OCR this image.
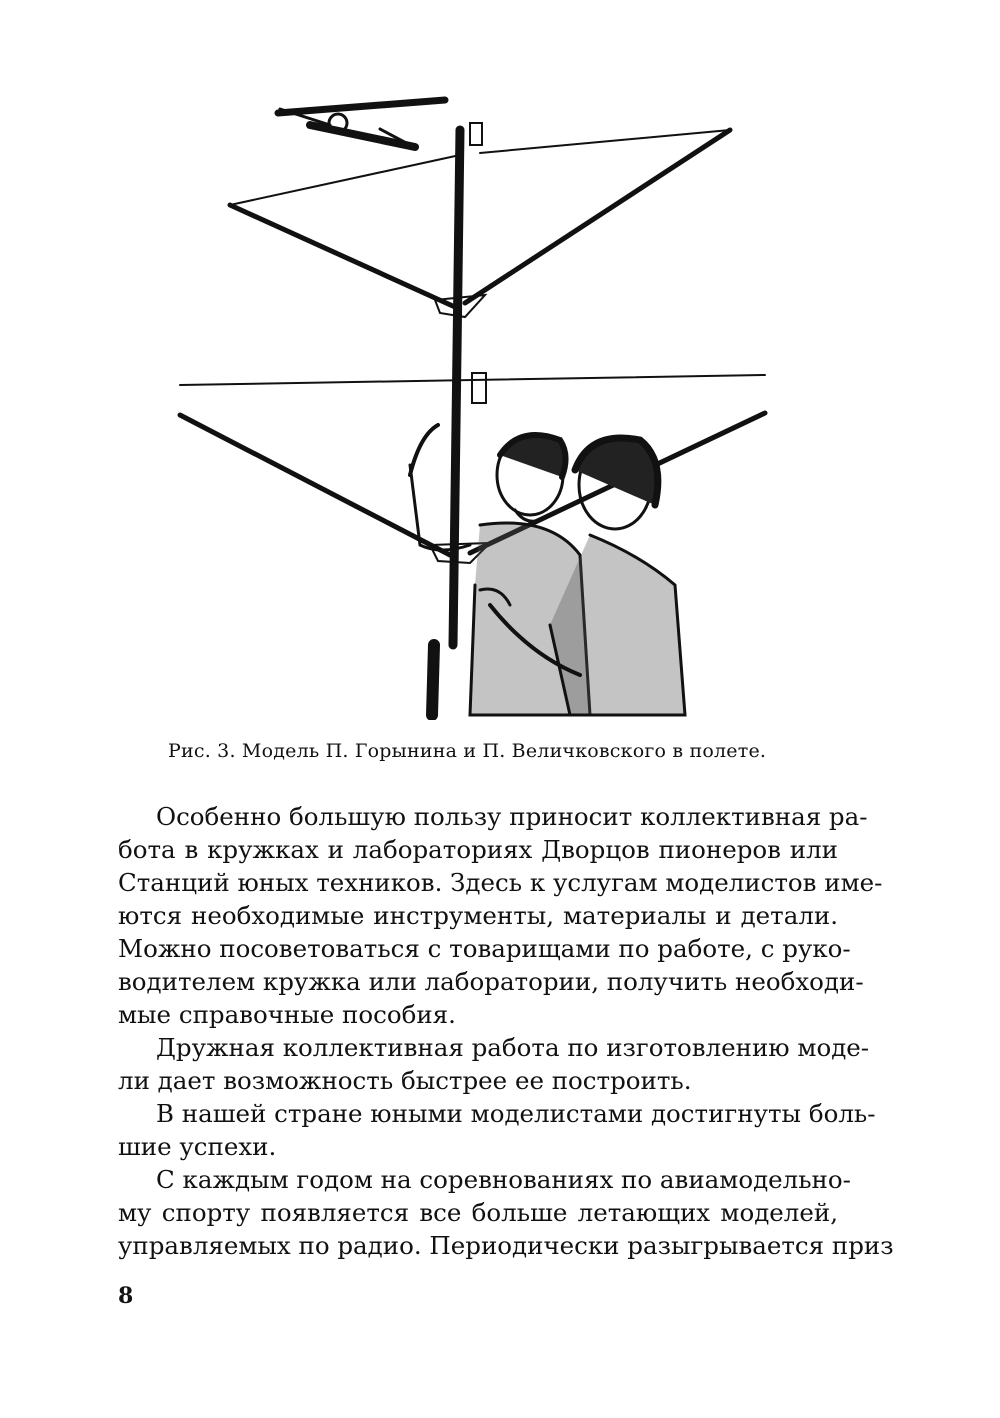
Рис. 3. Модель П. Горынина и П. Величковского в полете.
Особенно большую пользу приносит коллективная ра-
бота в кружках и лабораториях Дворцов пионеров или
Станций юных техников. Здесь к услугам моделистов име-
ются необходимые инструменты, материалы и детали.
Можно посоветоваться с товарищами по работе, с руко-
водителем кружка или лаборатории, получить необходи-
мые справочные пособия.
Дружная коллективная работа по изготовлению моде-
ли дает возможность быстрее ее построить.
В нашей стране юными моделистами достигнуты боль-
шие успехи.
С каждым годом на соревнованиях по авиамодельно-
му спорту появляется все больше летающих моделей,
управляемых по радио. Периодически разыгрывается приз
8
